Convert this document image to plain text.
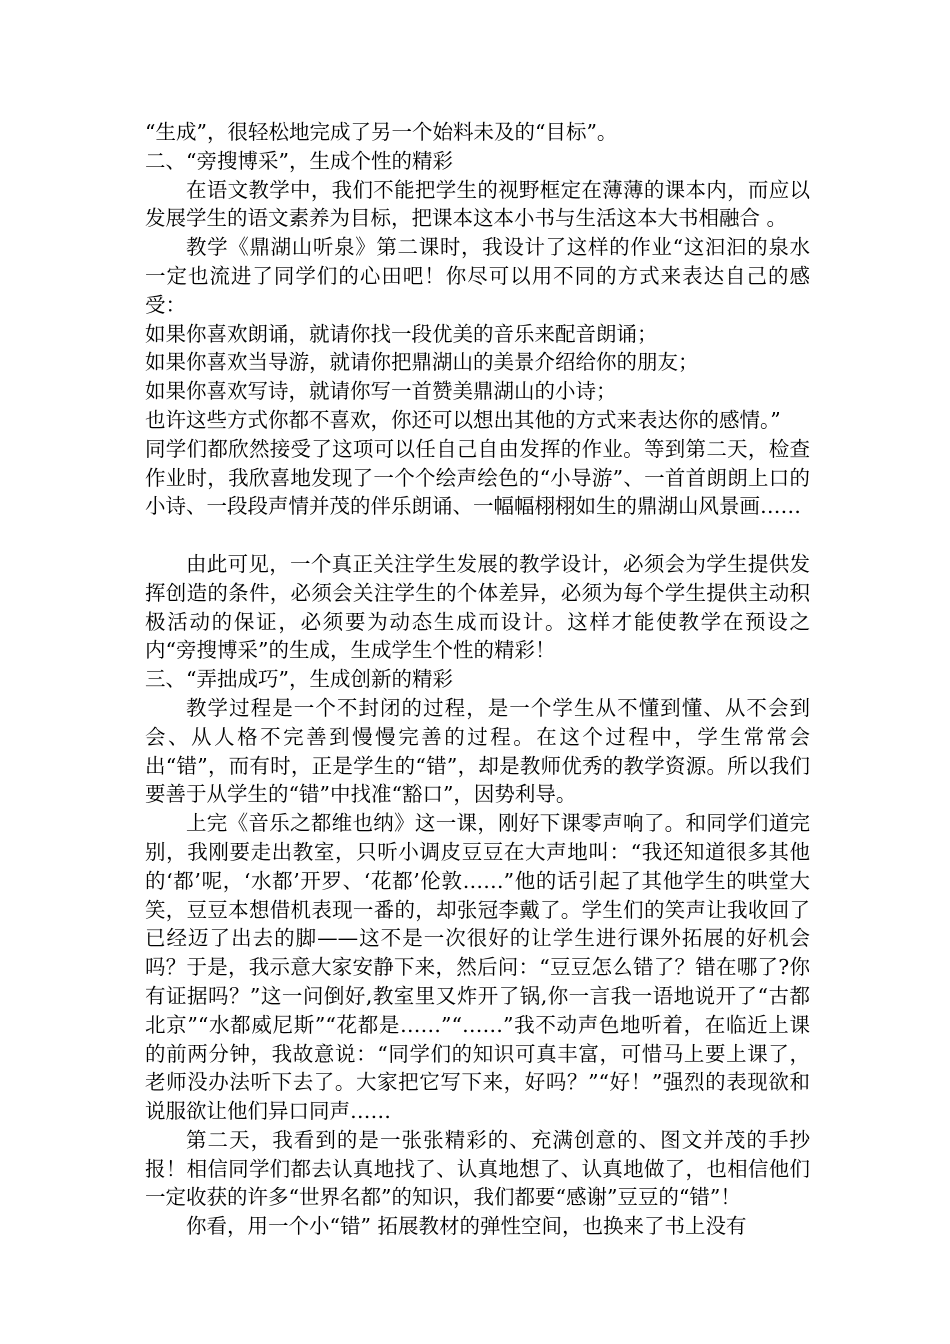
“生成”，很轻松地完成了另一个始料未及的“目标”。

二、“旁搜博采”，生成个性的精彩

在语文教学中，我们不能把学生的视野框定在薄薄的课本内，而应以发展学生的语文素养为目标，把课本这本小书与生活这本大书相融合 。

教学《鼎湖山听泉》第二课时，我设计了这样的作业“这汩汩的泉水一定也流进了同学们的心田吧！你尽可以用不同的方式来表达自己的感受：

如果你喜欢朗诵，就请你找一段优美的音乐来配音朗诵；

如果你喜欢当导游，就请你把鼎湖山的美景介绍给你的朋友；

如果你喜欢写诗，就请你写一首赞美鼎湖山的小诗；

也许这些方式你都不喜欢，你还可以想出其他的方式来表达你的感情。”

同学们都欣然接受了这项可以任自己自由发挥的作业。等到第二天，检查作业时，我欣喜地发现了一个个绘声绘色的“小导游”、一首首朗朗上口的小诗、一段段声情并茂的伴乐朗诵、一幅幅栩栩如生的鼎湖山风景画……

由此可见，一个真正关注学生发展的教学设计，必须会为学生提供发挥创造的条件，必须会关注学生的个体差异，必须为每个学生提供主动积极活动的保证，必须要为动态生成而设计。这样才能使教学在预设之内“旁搜博采”的生成，生成学生个性的精彩！

三、“弄拙成巧”，生成创新的精彩

教学过程是一个不封闭的过程，是一个学生从不懂到懂、从不会到会、从人格不完善到慢慢完善的过程。在这个过程中，学生常常会出“错”，而有时，正是学生的“错”，却是教师优秀的教学资源。所以我们要善于从学生的“错”中找准“豁口”，因势利导。

上完《音乐之都维也纳》这一课，刚好下课零声响了。和同学们道完别，我刚要走出教室，只听小调皮豆豆在大声地叫：“我还知道很多其他的‘都’呢，‘水都’开罗、‘花都’伦敦……”他的话引起了其他学生的哄堂大笑，豆豆本想借机表现一番的，却张冠李戴了。学生们的笑声让我收回了已经迈了出去的脚——这不是一次很好的让学生进行课外拓展的好机会吗？于是，我示意大家安静下来，然后问：“豆豆怎么错了？错在哪了?你有证据吗？”这一问倒好,教室里又炸开了锅,你一言我一语地说开了“古都北京”“水都威尼斯”“花都是……”“……”我不动声色地听着，在临近上课的前两分钟，我故意说：“同学们的知识可真丰富，可惜马上要上课了，老师没办法听下去了。大家把它写下来，好吗？”“好！”强烈的表现欲和说服欲让他们异口同声……

第二天，我看到的是一张张精彩的、充满创意的、图文并茂的手抄报！相信同学们都去认真地找了、认真地想了、认真地做了，也相信他们一定收获的许多“世界名都”的知识，我们都要“感谢”豆豆的“错”！

你看，用一个小“错” 拓展教材的弹性空间，也换来了书上没有
